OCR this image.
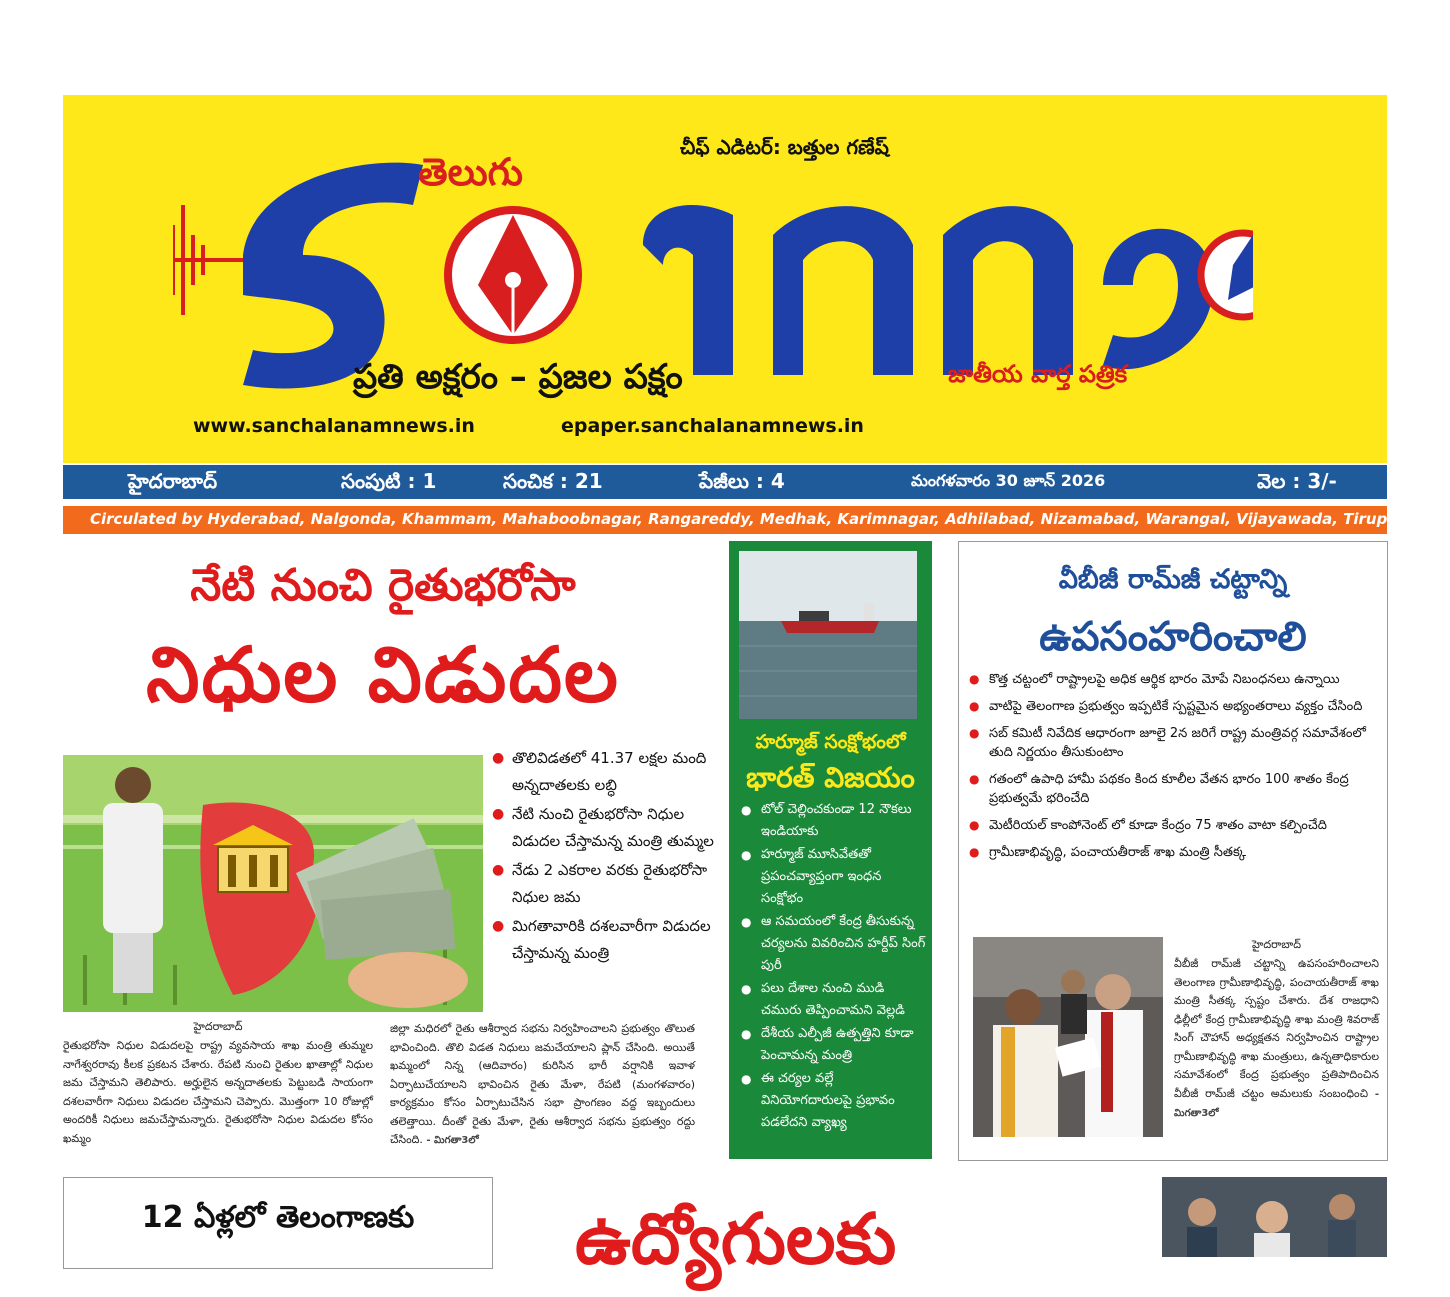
చీఫ్ ఎడిటర్: బత్తుల గణేష్
తెలుగు
ప్రతి అక్షరం – ప్రజల పక్షం	జాతీయ వార్త పత్రిక
www.sanchalanamnews.in	epaper.sanchalanamnews.in
హైదరాబాద్	సంపుటి : 1	సంచిక : 21	పేజీలు : 4	మంగళవారం 30 జూన్ 2026	వెల : 3/-
Circulated by Hyderabad, Nalgonda, Khammam, Mahaboobnagar, Rangareddy, Medhak, Karimnagar, Adhilabad, Nizamabad, Warangal, Vijayawada, Tirupathi
నేటి నుంచి రైతుభరోసా
నిధుల విడుదల
● తొలివిడతలో 41.37 లక్షల మంది అన్నదాతలకు లబ్ధి
● నేటి నుంచి రైతుభరోసా నిధుల విడుదల చేస్తామన్న మంత్రి తుమ్మల
● నేడు 2 ఎకరాల వరకు రైతుభరోసా నిధుల జమ
● మిగతావారికి దశలవారీగా విడుదల చేస్తామన్న మంత్రి
హైదరాబాద్
రైతుభరోసా నిధుల విడుదలపై రాష్ట్ర వ్యవసాయ శాఖ మంత్రి తుమ్మల నాగేశ్వరరావు కీలక ప్రకటన చేశారు. రేపటి నుంచి రైతుల ఖాతాల్లో నిధుల జమ చేస్తామని తెలిపారు. అర్హులైన అన్నదాతలకు పెట్టుబడి సాయంగా దశలవారీగా నిధులు విడుదల చేస్తామని చెప్పారు. మొత్తంగా 10 రోజుల్లో అందరికీ నిధులు జమచేస్తామన్నారు. రైతుభరోసా నిధుల విడుదల కోసం ఖమ్మం
జిల్లా మధిరలో రైతు ఆశీర్వాద సభను నిర్వహించాలని ప్రభుత్వం తొలుత భావించింది. తొలి విడత నిధులు జమచేయాలని ప్లాన్ చేసింది. అయితే ఖమ్మంలో నిన్న (ఆదివారం) కురిసిన భారీ వర్షానికి ఇవాళ ఏర్పాటుచేయాలని భావించిన రైతు మేళా, రేపటి (మంగళవారం) కార్యక్రమం కోసం ఏర్పాటుచేసిన సభా ప్రాంగణం వద్ద ఇబ్బందులు తలెత్తాయి. దీంతో రైతు మేళా, రైతు ఆశీర్వాద సభను ప్రభుత్వం రద్దు చేసింది. - మిగతా3లో
హర్మూజ్ సంక్షోభంలో
భారత్ విజయం
● టోల్ చెల్లించకుండా 12 నౌకలు ఇండియాకు
● హర్మూజ్ మూసివేతతో ప్రపంచవ్యాప్తంగా ఇంధన సంక్షోభం
● ఆ సమయంలో కేంద్ర తీసుకున్న చర్యలను వివరించిన హర్దీప్ సింగ్ పురీ
● పలు దేశాల నుంచి ముడి చమురు తెప్పించామని వెల్లడి
● దేశీయ ఎల్పీజీ ఉత్పత్తిని కూడా పెంచామన్న మంత్రి
● ఈ చర్యల వల్లే వినియోగదారులపై ప్రభావం పడలేదని వ్యాఖ్య
వీబీజీ రామ్‌జీ చట్టాన్ని
ఉపసంహరించాలి
● కొత్త చట్టంలో రాష్ట్రాలపై అధిక ఆర్థిక భారం మోపే నిబంధనలు ఉన్నాయి
● వాటిపై తెలంగాణ ప్రభుత్వం ఇప్పటికే స్పష్టమైన అభ్యంతరాలు వ్యక్తం చేసింది
● సబ్ కమిటీ నివేదిక ఆధారంగా జూలై 2న జరిగే రాష్ట్ర మంత్రివర్గ సమావేశంలో తుది నిర్ణయం తీసుకుంటాం
● గతంలో ఉపాధి హామీ పథకం కింద కూలీల వేతన భారం 100 శాతం కేంద్ర ప్రభుత్వమే భరించేది
● మెటీరియల్ కాంపోనెంట్ లో కూడా కేంద్రం 75 శాతం వాటా కల్పించేది
● గ్రామీణాభివృద్ధి, పంచాయతీరాజ్ శాఖ మంత్రి సీతక్క
హైదరాబాద్
వీబీజీ రామ్‌జీ చట్టాన్ని ఉపసంహరించాలని తెలంగాణ గ్రామీణాభివృద్ధి, పంచాయతీరాజ్ శాఖ మంత్రి సీతక్క స్పష్టం చేశారు. దేశ రాజధాని ఢిల్లీలో కేంద్ర గ్రామీణాభివృద్ధి శాఖ మంత్రి శివరాజ్ సింగ్ చౌహాన్ అధ్యక్షతన నిర్వహించిన రాష్ట్రాల గ్రామీణాభివృద్ధి శాఖ మంత్రులు, ఉన్నతాధికారుల సమావేశంలో కేంద్ర ప్రభుత్వం ప్రతిపాదించిన వీబీజీ రామ్‌జీ చట్టం అమలుకు సంబంధించి - మిగతా3లో
12 ఏళ్లలో తెలంగాణకు	ఉద్యోగులకు
